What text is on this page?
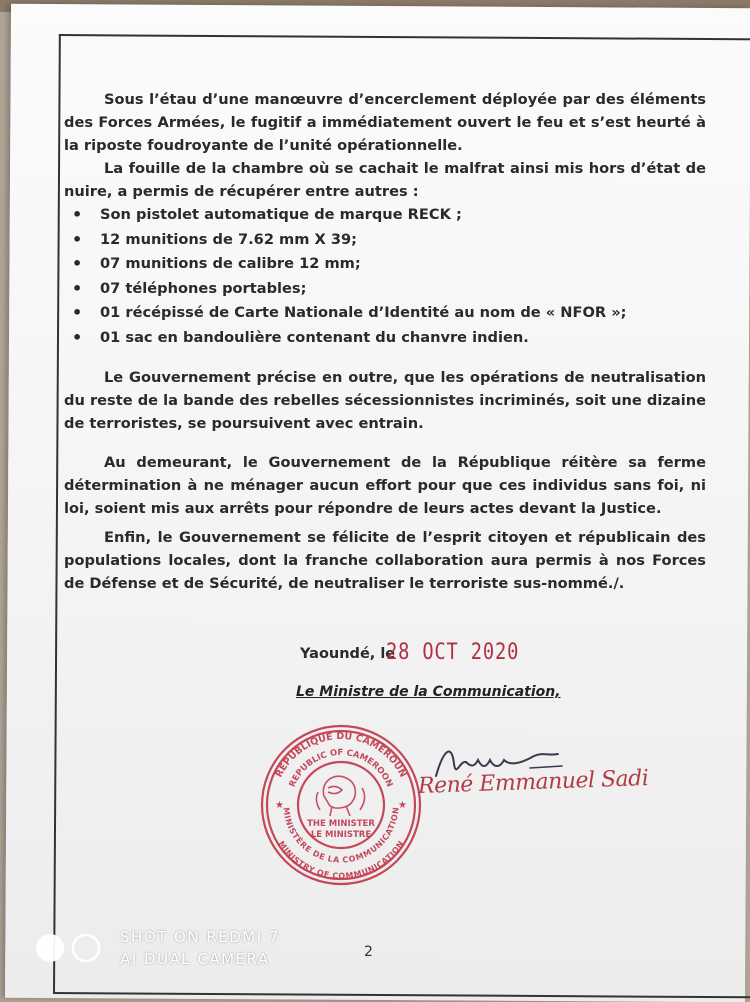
Sous l’étau d’une manœuvre d’encerclement déployée par des éléments des Forces Armées, le fugitif a immédiatement ouvert le feu et s’est heurté à la riposte foudroyante de l’unité opérationnelle.

La fouille de la chambre où se cachait le malfrat ainsi mis hors d’état de nuire, a permis de récupérer entre autres :

• Son pistolet automatique de marque RECK ;
• 12 munitions de 7.62 mm X 39;
• 07 munitions de calibre 12 mm;
• 07 téléphones portables;
• 01 récépissé de Carte Nationale d’Identité au nom de « NFOR »;
• 01 sac en bandoulière contenant du chanvre indien.

Le Gouvernement précise en outre, que les opérations de neutralisation du reste de la bande des rebelles sécessionnistes incriminés, soit une dizaine de terroristes, se poursuivent avec entrain.

Au demeurant, le Gouvernement de la République réitère sa ferme détermination à ne ménager aucun effort pour que ces individus sans foi, ni loi, soient mis aux arrêts pour répondre de leurs actes devant la Justice.

Enfin, le Gouvernement se félicite de l’esprit citoyen et républicain des populations locales, dont la franche collaboration aura permis à nos Forces de Défense et de Sécurité, de neutraliser le terroriste sus-nommé./.

Yaoundé, le
28 OCT 2020
Le Ministre de la Communication,
REPUBLIQUE DU CAMEROUN
REPUBLIC OF CAMEROON
MINISTRY OF COMMUNICATION
MINISTÈRE DE LA COMMUNICATION
THE MINISTER
LE MINISTRE
★	★
René Emmanuel Sadi
2
SHOT ON REDMI 7
AI DUAL CAMERA
